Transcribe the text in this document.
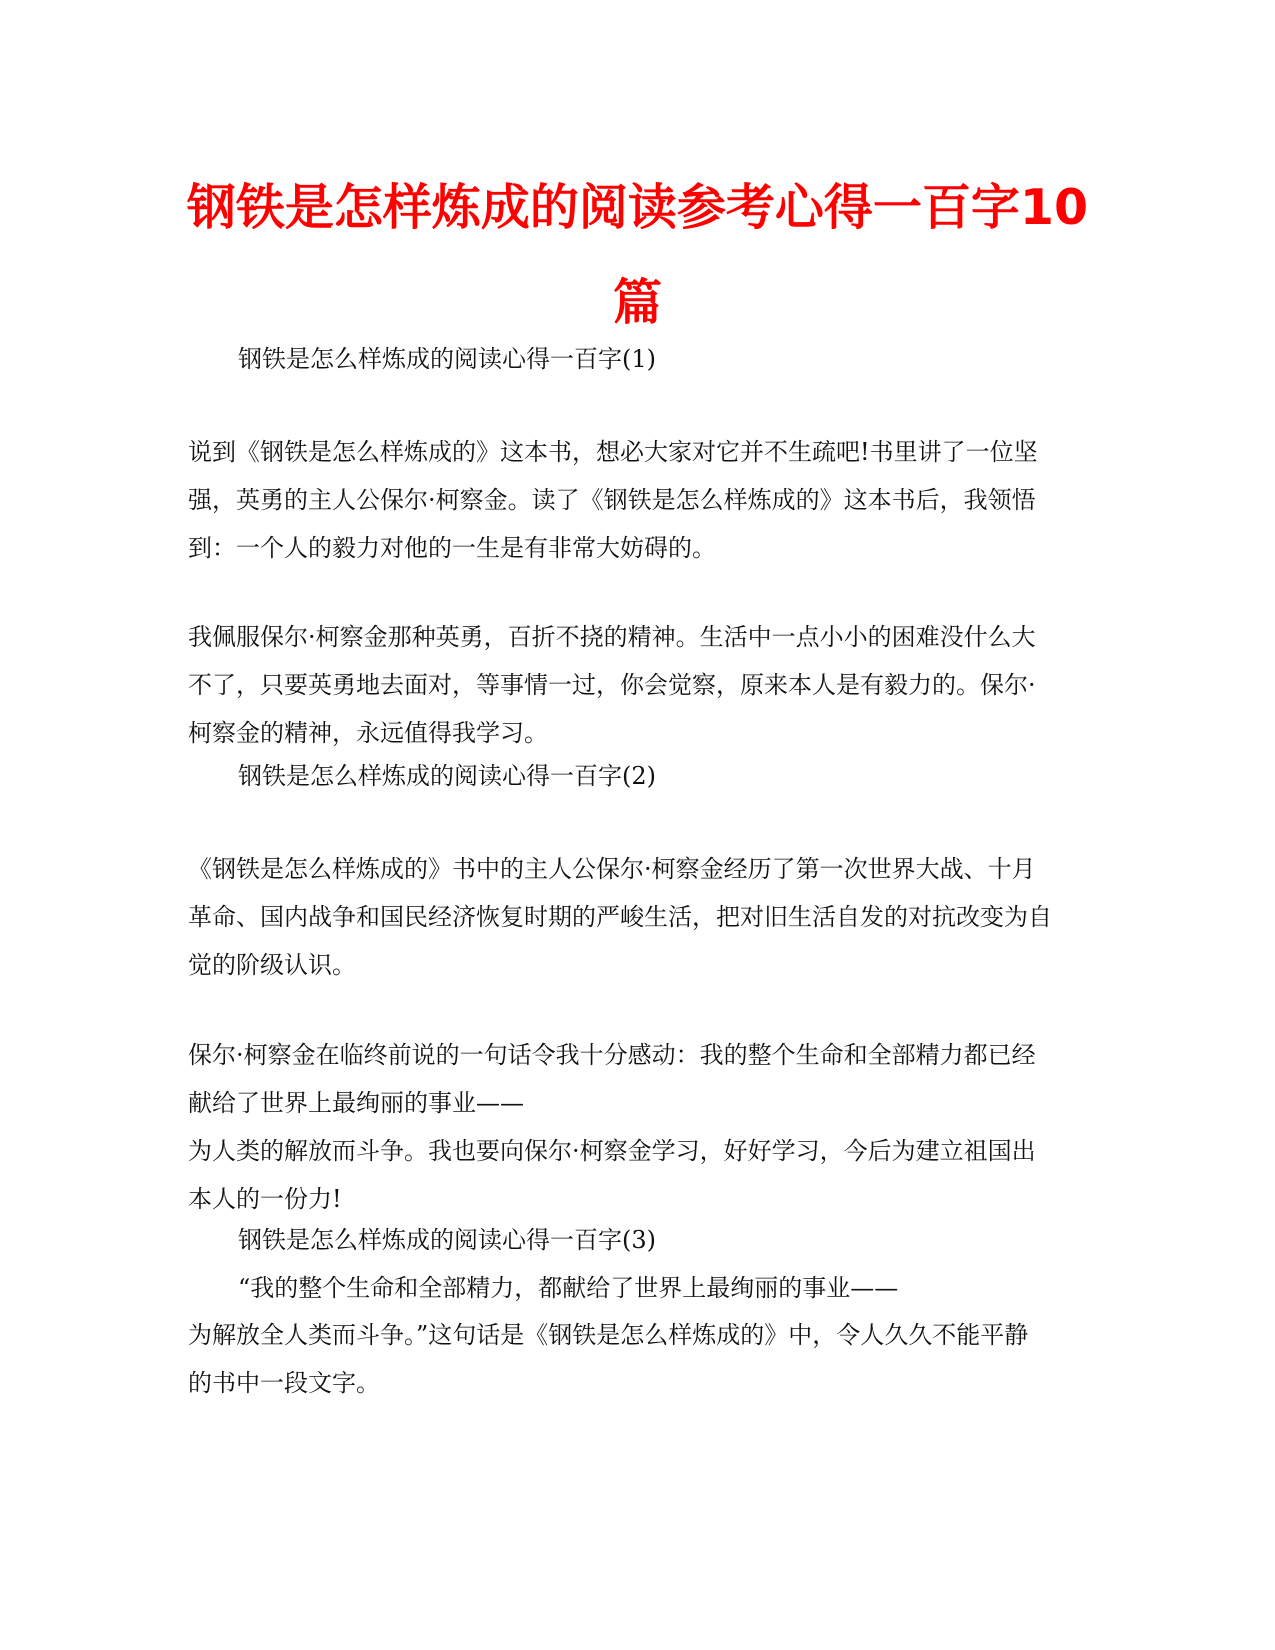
钢铁是怎样炼成的阅读参考心得一百字10
篇
钢铁是怎么样炼成的阅读心得一百字(1)
说到《钢铁是怎么样炼成的》这本书，想必大家对它并不生疏吧!书里讲了一位坚
强，英勇的主人公保尔·柯察金。读了《钢铁是怎么样炼成的》这本书后，我领悟
到：一个人的毅力对他的一生是有非常大妨碍的。
我佩服保尔·柯察金那种英勇，百折不挠的精神。生活中一点小小的困难没什么大
不了，只要英勇地去面对，等事情一过，你会觉察，原来本人是有毅力的。保尔·
柯察金的精神，永远值得我学习。
钢铁是怎么样炼成的阅读心得一百字(2)
《钢铁是怎么样炼成的》书中的主人公保尔·柯察金经历了第一次世界大战、十月
革命、国内战争和国民经济恢复时期的严峻生活，把对旧生活自发的对抗改变为自
觉的阶级认识。
保尔·柯察金在临终前说的一句话令我十分感动：我的整个生命和全部精力都已经
献给了世界上最绚丽的事业——
为人类的解放而斗争。我也要向保尔·柯察金学习，好好学习，今后为建立祖国出
本人的一份力!
钢铁是怎么样炼成的阅读心得一百字(3)
“我的整个生命和全部精力，都献给了世界上最绚丽的事业——
为解放全人类而斗争。”这句话是《钢铁是怎么样炼成的》中，令人久久不能平静
的书中一段文字。
